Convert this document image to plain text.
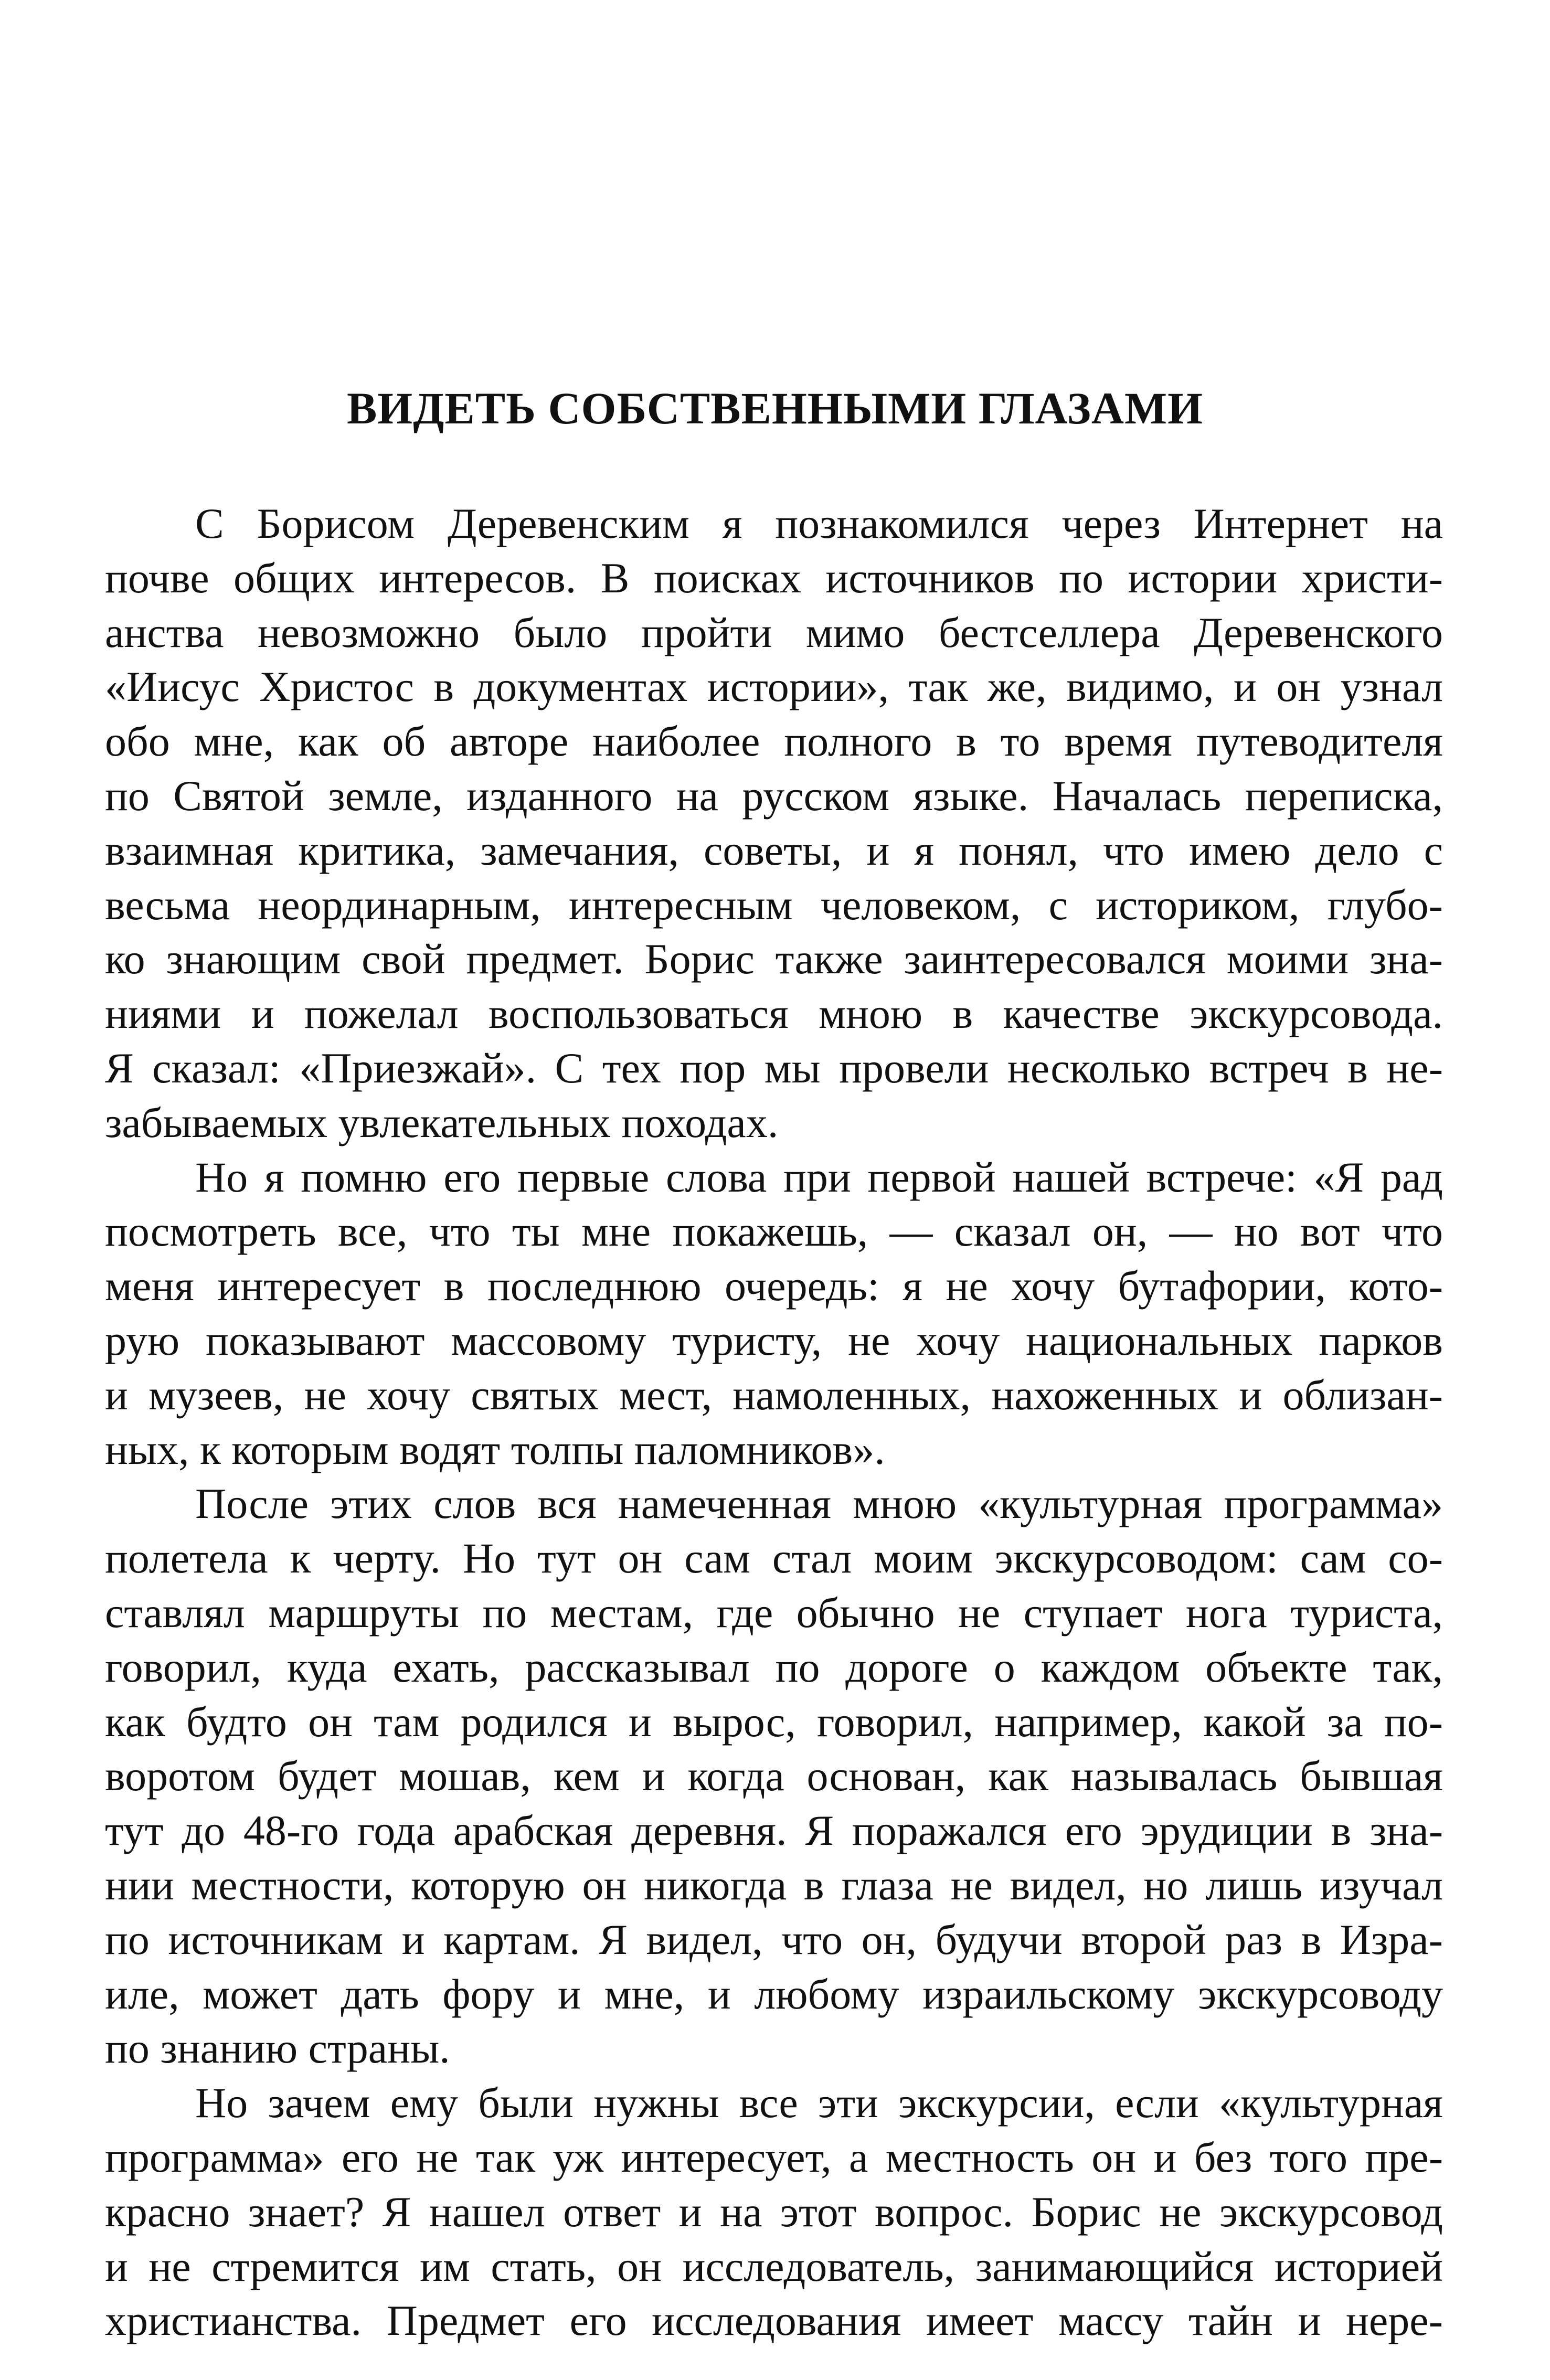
ВИДЕТЬ СОБСТВЕННЫМИ ГЛАЗАМИ
С Борисом Деревенским я познакомился через Интернет на
почве общих интересов. В поисках источников по истории христи-
анства невозможно было пройти мимо бестселлера Деревенского
«Иисус Христос в документах истории», так же, видимо, и он узнал
обо мне, как об авторе наиболее полного в то время путеводителя
по Святой земле, изданного на русском языке. Началась переписка,
взаимная критика, замечания, советы, и я понял, что имею дело с
весьма неординарным, интересным человеком, с историком, глубо-
ко знающим свой предмет. Борис также заинтересовался моими зна-
ниями и пожелал воспользоваться мною в качестве экскурсовода.
Я сказал: «Приезжай». С тех пор мы провели несколько встреч в не-
забываемых увлекательных походах.
Но я помню его первые слова при первой нашей встрече: «Я рад
посмотреть все, что ты мне покажешь, — сказал он, — но вот что
меня интересует в последнюю очередь: я не хочу бутафории, кото-
рую показывают массовому туристу, не хочу национальных парков
и музеев, не хочу святых мест, намоленных, нахоженных и облизан-
ных, к которым водят толпы паломников».
После этих слов вся намеченная мною «культурная программа»
полетела к черту. Но тут он сам стал моим экскурсоводом: сам со-
ставлял маршруты по местам, где обычно не ступает нога туриста,
говорил, куда ехать, рассказывал по дороге о каждом объекте так,
как будто он там родился и вырос, говорил, например, какой за по-
воротом будет мошав, кем и когда основан, как называлась бывшая
тут до 48-го года арабская деревня. Я поражался его эрудиции в зна-
нии местности, которую он никогда в глаза не видел, но лишь изучал
по источникам и картам. Я видел, что он, будучи второй раз в Изра-
иле, может дать фору и мне, и любому израильскому экскурсоводу
по знанию страны.
Но зачем ему были нужны все эти экскурсии, если «культурная
программа» его не так уж интересует, а местность он и без того пре-
красно знает? Я нашел ответ и на этот вопрос. Борис не экскурсовод
и не стремится им стать, он исследователь, занимающийся историей
христианства. Предмет его исследования имеет массу тайн и нере-
